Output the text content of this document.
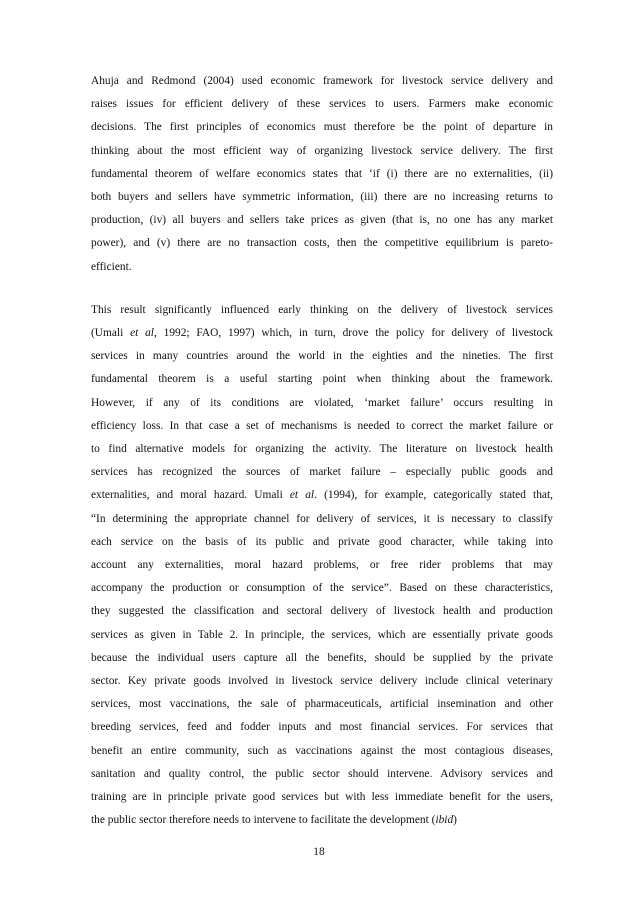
Ahuja and Redmond (2004) used economic framework for livestock service delivery and
raises issues for efficient delivery of these services to users. Farmers make economic
decisions. The first principles of economics must therefore be the point of departure in
thinking about the most efficient way of organizing livestock service delivery. The first
fundamental theorem of welfare economics states that ‘if (i) there are no externalities, (ii)
both buyers and sellers have symmetric information, (iii) there are no increasing returns to
production, (iv) all buyers and sellers take prices as given (that is, no one has any market
power), and (v) there are no transaction costs, then the competitive equilibrium is pareto-
efficient.

This result significantly influenced early thinking on the delivery of livestock services
(Umali et al, 1992; FAO, 1997) which, in turn, drove the policy for delivery of livestock
services in many countries around the world in the eighties and the nineties. The first
fundamental theorem is a useful starting point when thinking about the framework.
However, if any of its conditions are violated, ‘market failure’ occurs resulting in
efficiency loss. In that case a set of mechanisms is needed to correct the market failure or
to find alternative models for organizing the activity. The literature on livestock health
services has recognized the sources of market failure – especially public goods and
externalities, and moral hazard. Umali et al. (1994), for example, categorically stated that,
“In determining the appropriate channel for delivery of services, it is necessary to classify
each service on the basis of its public and private good character, while taking into
account any externalities, moral hazard problems, or free rider problems that may
accompany the production or consumption of the service”. Based on these characteristics,
they suggested the classification and sectoral delivery of livestock health and production
services as given in Table 2. In principle, the services, which are essentially private goods
because the individual users capture all the benefits, should be supplied by the private
sector. Key private goods involved in livestock service delivery include clinical veterinary
services, most vaccinations, the sale of pharmaceuticals, artificial insemination and other
breeding services, feed and fodder inputs and most financial services. For services that
benefit an entire community, such as vaccinations against the most contagious diseases,
sanitation and quality control, the public sector should intervene. Advisory services and
training are in principle private good services but with less immediate benefit for the users,
the public sector therefore needs to intervene to facilitate the development (ibid)

18
